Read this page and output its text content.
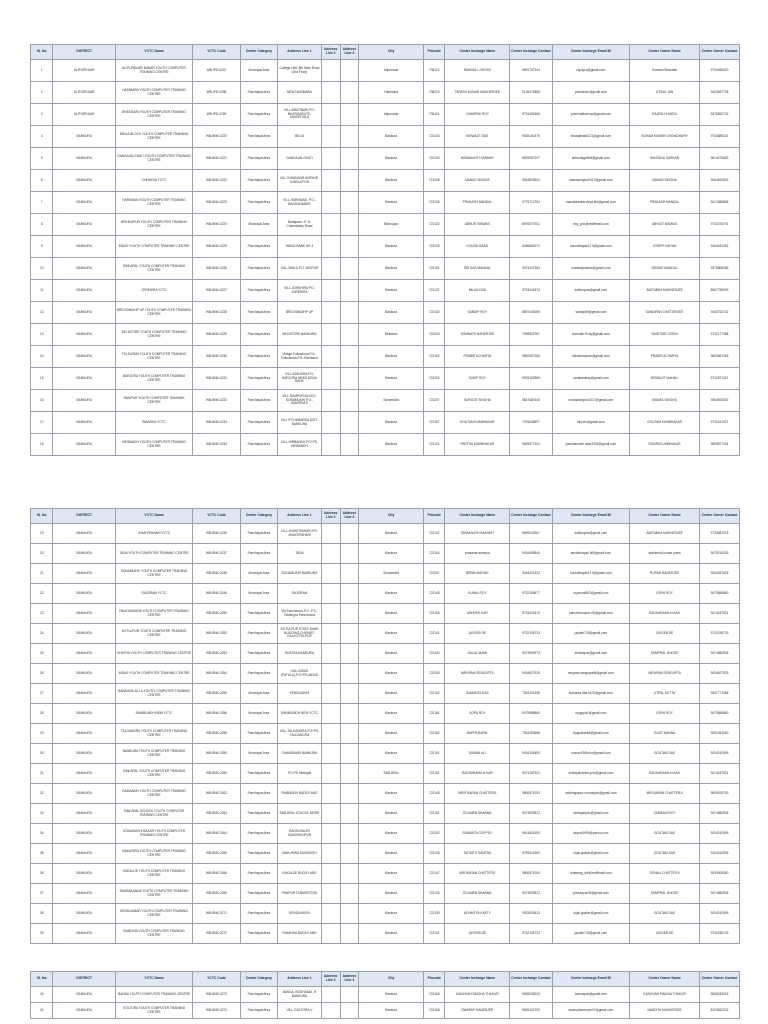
Sl. No	DISTRICT	YCTC Name	YCTC Code	Center Category	Address Line 1	Address Line 2	Address Line 3	City	Pincode	Center Incharge Name	Center Incharge Contact	Center Incharge Email ID	Center Owner Name	Center Owner Contact
1	ALIPURDUAR	ALIPURDUAR BANAR YOUTH COMPUTER TRAINING CENTRE	WB-IPD-0242	Municipal Area	College Halt, 8th Main Road (2nd Floor)			Alipurduar	736122	RANDALL GHOSH	9876747334	rajulyco@gmail.com	Sumesh Bhandari	9734068420
2	ALIPURDUAR	HASIMARA YOUTH COMPUTER TRAINING CENTRE	WB-IPD-0098	Panchayat Area	NEW HASIMARA			Hasimara	736210	TAPASH KUMAR MUKHERJEE	9126476868	yctchasim@gmail.com	UTSAV JAN	9433697708
3	ALIPURDUAR	BHATIBARI YOUTH COMPUTER TRAINING CENTRE	WB-IPD-0769	Panchayat Area	VILL-BHATIBARI,PO-BHATIBARI,PS-SAMUKTALA			Alipurduar	736121	CHAMPAK ROY	9734492606	yctcbhatibari.wp@gmail.com	RAJESH KUNDU	9378852702
4	BANKURA	MELIA BLOCK YOUTH COMPUTER TRAINING CENTRE	WB-BNK-0220	Panchayat Area	MELIA			Bankura	722143	BISWAJIT DAS	9635162476	biswajitdas0121@gmail.com	SOHAM KUMAR CHOWDHURY	9734885321
5	BANKURA	GANGAJALGHATI YOUTH COMPUTER TRAINING CENTRE	WB-BNK-0221	Panchayat Area	GANGAJALGHATI			Bankura	722133	BISWANATH SARKAR	8509657247	srifundage806@gmail.com	SANTANU SARKAR	9614275683
6	BANKURA	CHHATNA YCTC	WB-BNK-0222	Panchayat Area	Vill- CHHANDAR AVENUE, JUNGLEPUR			Bankura	713208	MANAS SINGHA	9064815502	manassingha2017@gmail.com	MANAS SINGHA	9064815502
7	BANKURA	HARISIMAI YOUTH COMPUTER TRAINING CENTRE	WB-BNK-0223	Panchayat Area	VILL-HARISIMAI, P.O.-BAGDAHANDE			Bankura	722136	PRAKASH MANDAL	9775712754	manaldcenter.ctrya aht@gmail.com	PRAKASH MANDAL	9474386855
8	BANKURA	BISHNUPUR YOUTH COMPUTER TRAINING CENTRE	WB-BNK-0224	Municipal Area	Badapara, R. N. Chakrabarty Road			Bishnupur	722122	ABHIJIT BISWAS	8976570751	bsy_yctc@rediffmail.com	ABHIJIT BISWAS	9733076701
9	BANKURA	INDAS YOUTH COMPUTER TRAINING CENTRE	WB-BNK-0225	Panchayat Area	INDAS BANK UR 4			Bankura	722205	KOUSIK BASU	8436862074	koushikayak12 5@gmail.com	JOSEPH MIYAN	9434431352
10	BANKURA	SIMLAPAL YOUTH COMPUTER TRAINING CENTRE	WB-BNK-0226	Panchayat Area	VILL-SIMLA,P.O.-NIGPUR			Bankura	722151	SRI DAS MANDAL	9474437263	mandalyctcban@gmail.com	SRIDAS MANDAL	9378806186
11	BANKURA	JOREHIRA YCTC	WB-BNK-0227	Panchayat Area	VILL-JOREHIRA,PO-JOREHIRA			Bankura	722137	MILAN DAS	9733041874	saltlocyctc@gmail.com	AMITABHA MUKHERJEE	8967786999
12	BANKURA	BRICKANDIHP UP YOUTH COMPUTER TRAINING CENTRE	WB-BNK-0228	Panchayat Area	BRICHANDIHP UP			Bankura	722142	SANDIP ROY	8597440059	sandip69@gmail.com	SANDIPAN CHATTERJEE	9433752722
13	BANKURA	BELIATORE YOUTH COMPUTER TRAINING CENTRE	WB-BNK-0229	Panchayat Area	BELIATORE,BANKURA			Beliatore	722203	SOMNATH BANERJEE	7908832787	somnath.f1ray@gmail.com	SANTOSE GORAI	9732177388
14	BANKURA	FULKUSMA YOUTH COMPUTER TRAINING CENTRE	WB-BNK-0230	Panchayat Area	Village-Fulkushma,P.O.-Fulkushma,P.S.-Raniband			Bankura	722162	PRABIR ACHARYA	9800567266	fulkushmayctc@gmail.com	PRABIR ACHARYA	9800567266
15	BANKURA	BARJORA YOUTH COMPUTER TRAINING CENTRE	WB-BNK-0231	Panchayat Area	VILL-BARJORA,PO-BARJORA,NEAR DENA BANK			Bankura	722202	SUDIP ROY	9933152869	ranabaldeep@gmail.com	BISWAJIT MAHALI	9732877437
16	BANKURA	RAMPUR YOUTH COMPUTER TRAINING CENTRE	WB-BNK-0233	Panchayat Area	VILL-RAMPUR,BLOCK-SONAMUKHI P.O.-HAMIRHATI			Sonamukhi	722207	SUROJIT SINGHA	9647487445	manassingha.0017@gmail.com	MANAS SINGHA	9064815502
17	BANKURA	BIBARDA YCTC	WB-BNK-0233	Panchayat Area	VILL+PO-BIBARDA DIST-BANKURA			Bankura	722157	GOUTAM KUMBHAKAR	7076636897	bibyctc@gmail.com	GOUTAM KUMBHAKAR	9732441937
18	BANKURA	HIRBANDH YOUTH COMPUTER TRAINING CENTRE	WB-BNK-0234	Panchayat Area	VILL-HIRBANDH,PO+PS-HIRBANDH			Bankura	722121	PARTHA KUMBHAKAR	9609877304	parthakumbh akar2004@gmail.com	RUMPA KUMBHAKAR	9609877304
Sl. No	DISTRICT	YCTC Name	YCTC Code	Center Category	Address Line 1	Address Line 2	Address Line 3	City	Pincode	Center Incharge Name	Center Incharge Contact	Center Incharge Email ID	Center Owner Name	Center Owner Contact
19	BANKURA	JHANTIPAHARI YCTC	WB-BNK-0235	Panchayat Area	VILL-JHANTIPAHARI,PO-JHANTIPAHARI			Bankura	722137	TARAKNATH RAKSHIT	9609042567	saltlocyctc@gmail.com	AMITABHA MUKHERJEE	9733081978
20	BANKURA	TADA YOUTH COMPUTER TRAINING CENTRE	WB-BNK-0237	Panchayat Area	TADA			Bankura	722154	prasanta acharya	9434489846	amitabhayak.66@gmail.com	sabhendu kumar patra	9475216325
21	BANKURA	SONAMUKHI YOUTH COMPUTER TRAINING CENTRE	WB-BNK-0248	Municipal Area	SONAMUKHI BANKURA			Sonamukhi	722207	BEBBI MAIYAN	9434437432	koushikayak12 5@gmail.com	RUPAM BANERJEE	9434497625
22	BANKURA	RAJGRAM YCTC	WB-BNK-0246	Municipal Area	RAJGRAM			Bankura	722148	KUNAL ROY	9732155677	roykunal862@gmail.com	GOPA ROY	9475588860
23	BANKURA	PANCHAMURA YOUTH COMPUTER TRAINING CENTRE	WB-BNK-0250	Panchayat Area	Vill-Panchmura,P.O.-P.S.-Taldangra Panchmura			Bankura	722156	ASHOKE KAR	9734420419	panchmurayctc.06@gmail.com	RADHARAMA N KAR	9474187931
24	BANKURA	KOTULPUR YOUTH COMPUTER TRAINING CENTRE	WB-BNK-0252	Panchayat Area	KOTULPUR STATE BANK BUILDING,CHEMIST OLA,KOTULPUR			Bankura	722141	JAYDEB DE	9732195733	jaydeb733@gmail.com	JAYDEB DE	9732195733
25	BANKURA	KHATRA YOUTH COMPUTER TRAINING CENTRE	WB-BNK-0253	Panchayat Area	KHATRA,BANKURA			Bankura	722140	DULAL MAMI	9474990973	khatrayctc@gmail.com	SUMPRAL GHOSH	9474980906
26	BANKURA	INDAS YOUTH COMPUTER TRAINING CENTRE	WB-BNK-0254	Panchayat Area	VILL-INDAS (PATULA),P.O+PS-INDAS			Bankura	722205	NIRUPAM SENGUPTA	9434627925	nirupam.senguptaiiii@gmail.com	NIRUPAM SENGUPTA	9434627925
27	BANKURA	BANKURA ZILLA YOUTH COMPUTER TRAINING CENTRE	WB-BNK-0255	Municipal Area	KENDUADIHI			Bankura	722102	SUMANTA DAS	7501115438	sumanta.das.0102@gmail.com	UTPAL DUTTA	9401771085
28	BANKURA	RANIBUNDH NEW YCTC	WB-BNK-0256	Municipal Area	RANIBUNDH NEW YCTC			Bankura	722151	GOPA ROY	9475588860	roygopa1@gmail.com	GOPA ROY	9475588860
29	BANKURA	TALDANGRA YOUTH COMPUTER TRAINING CENTRE	WB-BNK-0258	Panchayat Area	VILL-TALDANGRA,PO+PS-TALDANGRA			Bankura	722152	BAPPA BARIK	7063390686	bappabarik6@gmail.com	SUJIT MANNA	9091051060
30	BANKURA	BANKURA YOUTH COMPUTER TRAINING CENTRE	WB-BNK-0259	Municipal Area	CHANDMARI BANKURA			Bankura	722101	SUMAN ALI	9434105490	suman198la.ko@gmail.com	GOUTAM DAS	9434242996
31	BANKURA	SIMLAPAL YOUTH COMPUTER TRAINING CENTRE	WB-BNK-0260	Panchayat Area	PO-PS Simlapal			SIMLAPAL	722151	RADHARAMA N KAR	9474187931	simlapalcenter.yctc@gmail.com	RADHARAMA N KAR	9474187931
32	BANKURA	RAIBANDH YOUTH COMPUTER TRAINING CENTRE	WB-BNK-0262	Panchayat Area	RAIBANDH BUDDY AND			Bankura	722148	MRIR BARAN CHATTERJI	9800876753	mitaimgaplcc.rcturaiyctc@gmail.com	MIR BARAN CHATTERJI	9800876753
33	BANKURA	SIMLAPAL SCHOOL YOUTH COMPUTER TRAINING CENTRE	WB-BNK-0263	Panchayat Area	SIMLAPAL SCHOOL MORE			Bankura	722151	SOUMEN SHARMA	9474993523	simlapalyctc@gmail.com	SARBANI ROY	9474980906
34	BANKURA	SONAMUKHI BAZAR YOUTH COMPUTER TRAINING CENTRE	WB-BNK-0264	Panchayat Area	RAGHUNAJHI SUNDHIKUPUR			Bankura	722202	SUMANTA GOPPDY	9614816190	sbyctc2090@yahoo.com	GOUTAM DAS	9434242996
35	BANKURA	MAKURIRA YOUTH COMPUTER TRAINING CENTRE	WB-BNK-0265	Panchayat Area	MAKURIRA SUNDHISH			Bankura	722136	TATSATH SAMTRA	9749615262	ukjal.goaker@gmail.com	GOUTAM DAS	9434242996
36	BANKURA	KAKALIJE YOUTH COMPUTER TRAINING CENTRE	WB-BNK-0266	Panchayat Area	KAKALIJE BUDDY AND			Bankura	722147	MIR BARAN CHATTERJI	9800876754	chattarrg_aiir@rediffmail.com	SONALI CHATTERJI	9330005350
37	BANKURA	BHARAKANDA YOUTH COMPUTER TRAINING CENTRE	WB-BNK-0269	Panchayat Area	PANPUR TARAKESTRA			Bankura	722134	SOUMEN SHARMA	9474993523	yctcrazpur09@gmail.com	SUMPRAL GHOSH	9474980906
38	BANKURA	KENDUAMAR YOUTH COMPUTER TRAINING CENTRE	WB-BNK-0271	Panchayat Area	KENDUMURA			Bankura	722139	ACHINTYA KAETY	9933003613	ukjal.goaker@gmail.com	GOUTAM DAS	9434242996
39	BANKURA	RAMDIHA YOUTH COMPUTER TRAINING CENTRE	WB-BNK-0272	Panchayat Area	RAMDIHA BUDDY AND			Bankura	722141	JAYDEB DE	9732195733	jaydeb733@gmail.com	JAYDEB DE	9732195733
Sl. No	DISTRICT	YCTC Name	YCTC Code	Center Category	Address Line 1	Address Line 2	Address Line 3	City	Pincode	Center Incharge Name	Center Incharge Contact	Center Incharge Email ID	Center Owner Name	Center Owner Contact
40	BANKURA	BANSA YOUTH COMPUTER TRAINING CENTRE	WB-BNK-0273	Panchayat Area	BANSA, BODHANDI, B BANKURA			Bankura	722165	KANCHAN SINGHA THAKUR	9635035015	bansayctc@gmail.com	KANCHAN SINGHA THAKUR	9635035015
41	BANKURA	GOLTORA YOUTH COMPUTER TRAINING CENTRE	WB-BNK-0274	Panchayat Area	VILL-GOLTORA,V			Bankura	722168	SWARUP BANERJEE	9609432709	swarupbaner.jee07@gmail.com	NANDITA MUKHERJEE	8100842232
